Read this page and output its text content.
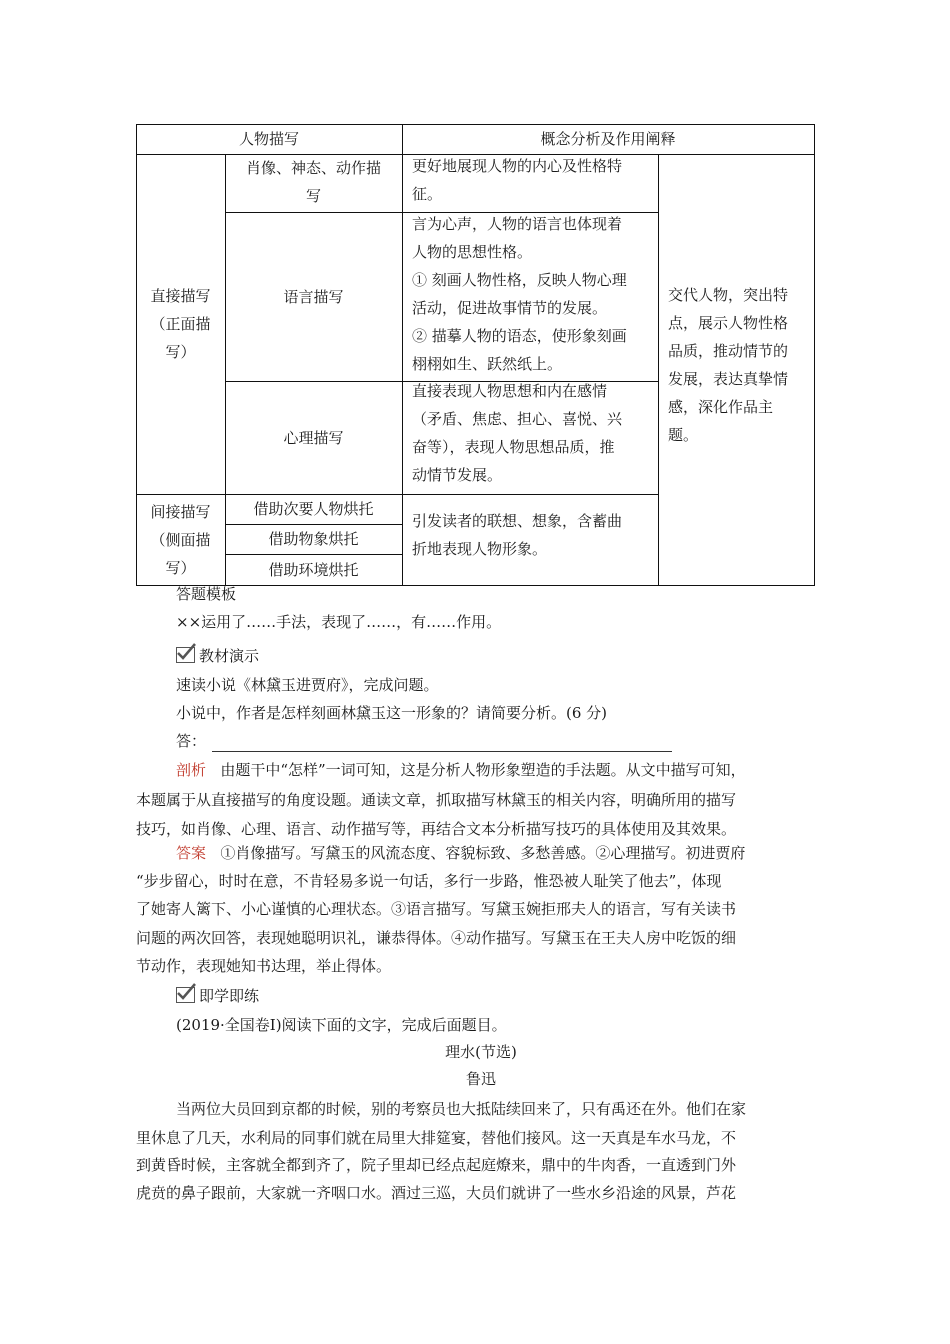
人物描写	概念分析及作用阐释
直接描写
（正面描
写）
肖像、神态、动作描
写
更好地展现人物的内心及性格特
征。
语言描写
言为心声，人物的语言也体现着
人物的思想性格。
① 刻画人物性格，反映人物心理
活动，促进故事情节的发展。
② 描摹人物的语态，使形象刻画
栩栩如生、跃然纸上。
心理描写
直接表现人物思想和内在感情
（矛盾、焦虑、担心、喜悦、兴
奋等），表现人物思想品质，推
动情节发展。
间接描写
（侧面描
写）
借助次要人物烘托
借助物象烘托
借助环境烘托
引发读者的联想、想象，含蓄曲
折地表现人物形象。
交代人物，突出特
点，展示人物性格
品质，推动情节的
发展，表达真挚情
感，深化作品主
题。
答题模板
××运用了……手法，表现了……，有……作用。
教材演示
速读小说《林黛玉进贾府》，完成问题。
小说中，作者是怎样刻画林黛玉这一形象的？请简要分析。(6 分)
答：
剖析 由题干中“怎样”一词可知，这是分析人物形象塑造的手法题。从文中描写可知，
本题属于从直接描写的角度设题。通读文章，抓取描写林黛玉的相关内容，明确所用的描写
技巧，如肖像、心理、语言、动作描写等，再结合文本分析描写技巧的具体使用及其效果。
答案 ①肖像描写。写黛玉的风流态度、容貌标致、多愁善感。②心理描写。初进贾府
“步步留心，时时在意，不肯轻易多说一句话，多行一步路，惟恐被人耻笑了他去”，体现
了她寄人篱下、小心谨慎的心理状态。③语言描写。写黛玉婉拒邢夫人的语言，写有关读书
问题的两次回答，表现她聪明识礼，谦恭得体。④动作描写。写黛玉在王夫人房中吃饭的细
节动作，表现她知书达理，举止得体。
即学即练
(2019·全国卷Ⅰ)阅读下面的文字，完成后面题目。
理水(节选)
鲁迅
当两位大员回到京都的时候，别的考察员也大抵陆续回来了，只有禹还在外。他们在家
里休息了几天，水利局的同事们就在局里大排筵宴，替他们接风。这一天真是车水马龙，不
到黄昏时候，主客就全都到齐了，院子里却已经点起庭燎来，鼎中的牛肉香，一直透到门外
虎贲的鼻子跟前，大家就一齐咽口水。酒过三巡，大员们就讲了一些水乡沿途的风景，芦花
